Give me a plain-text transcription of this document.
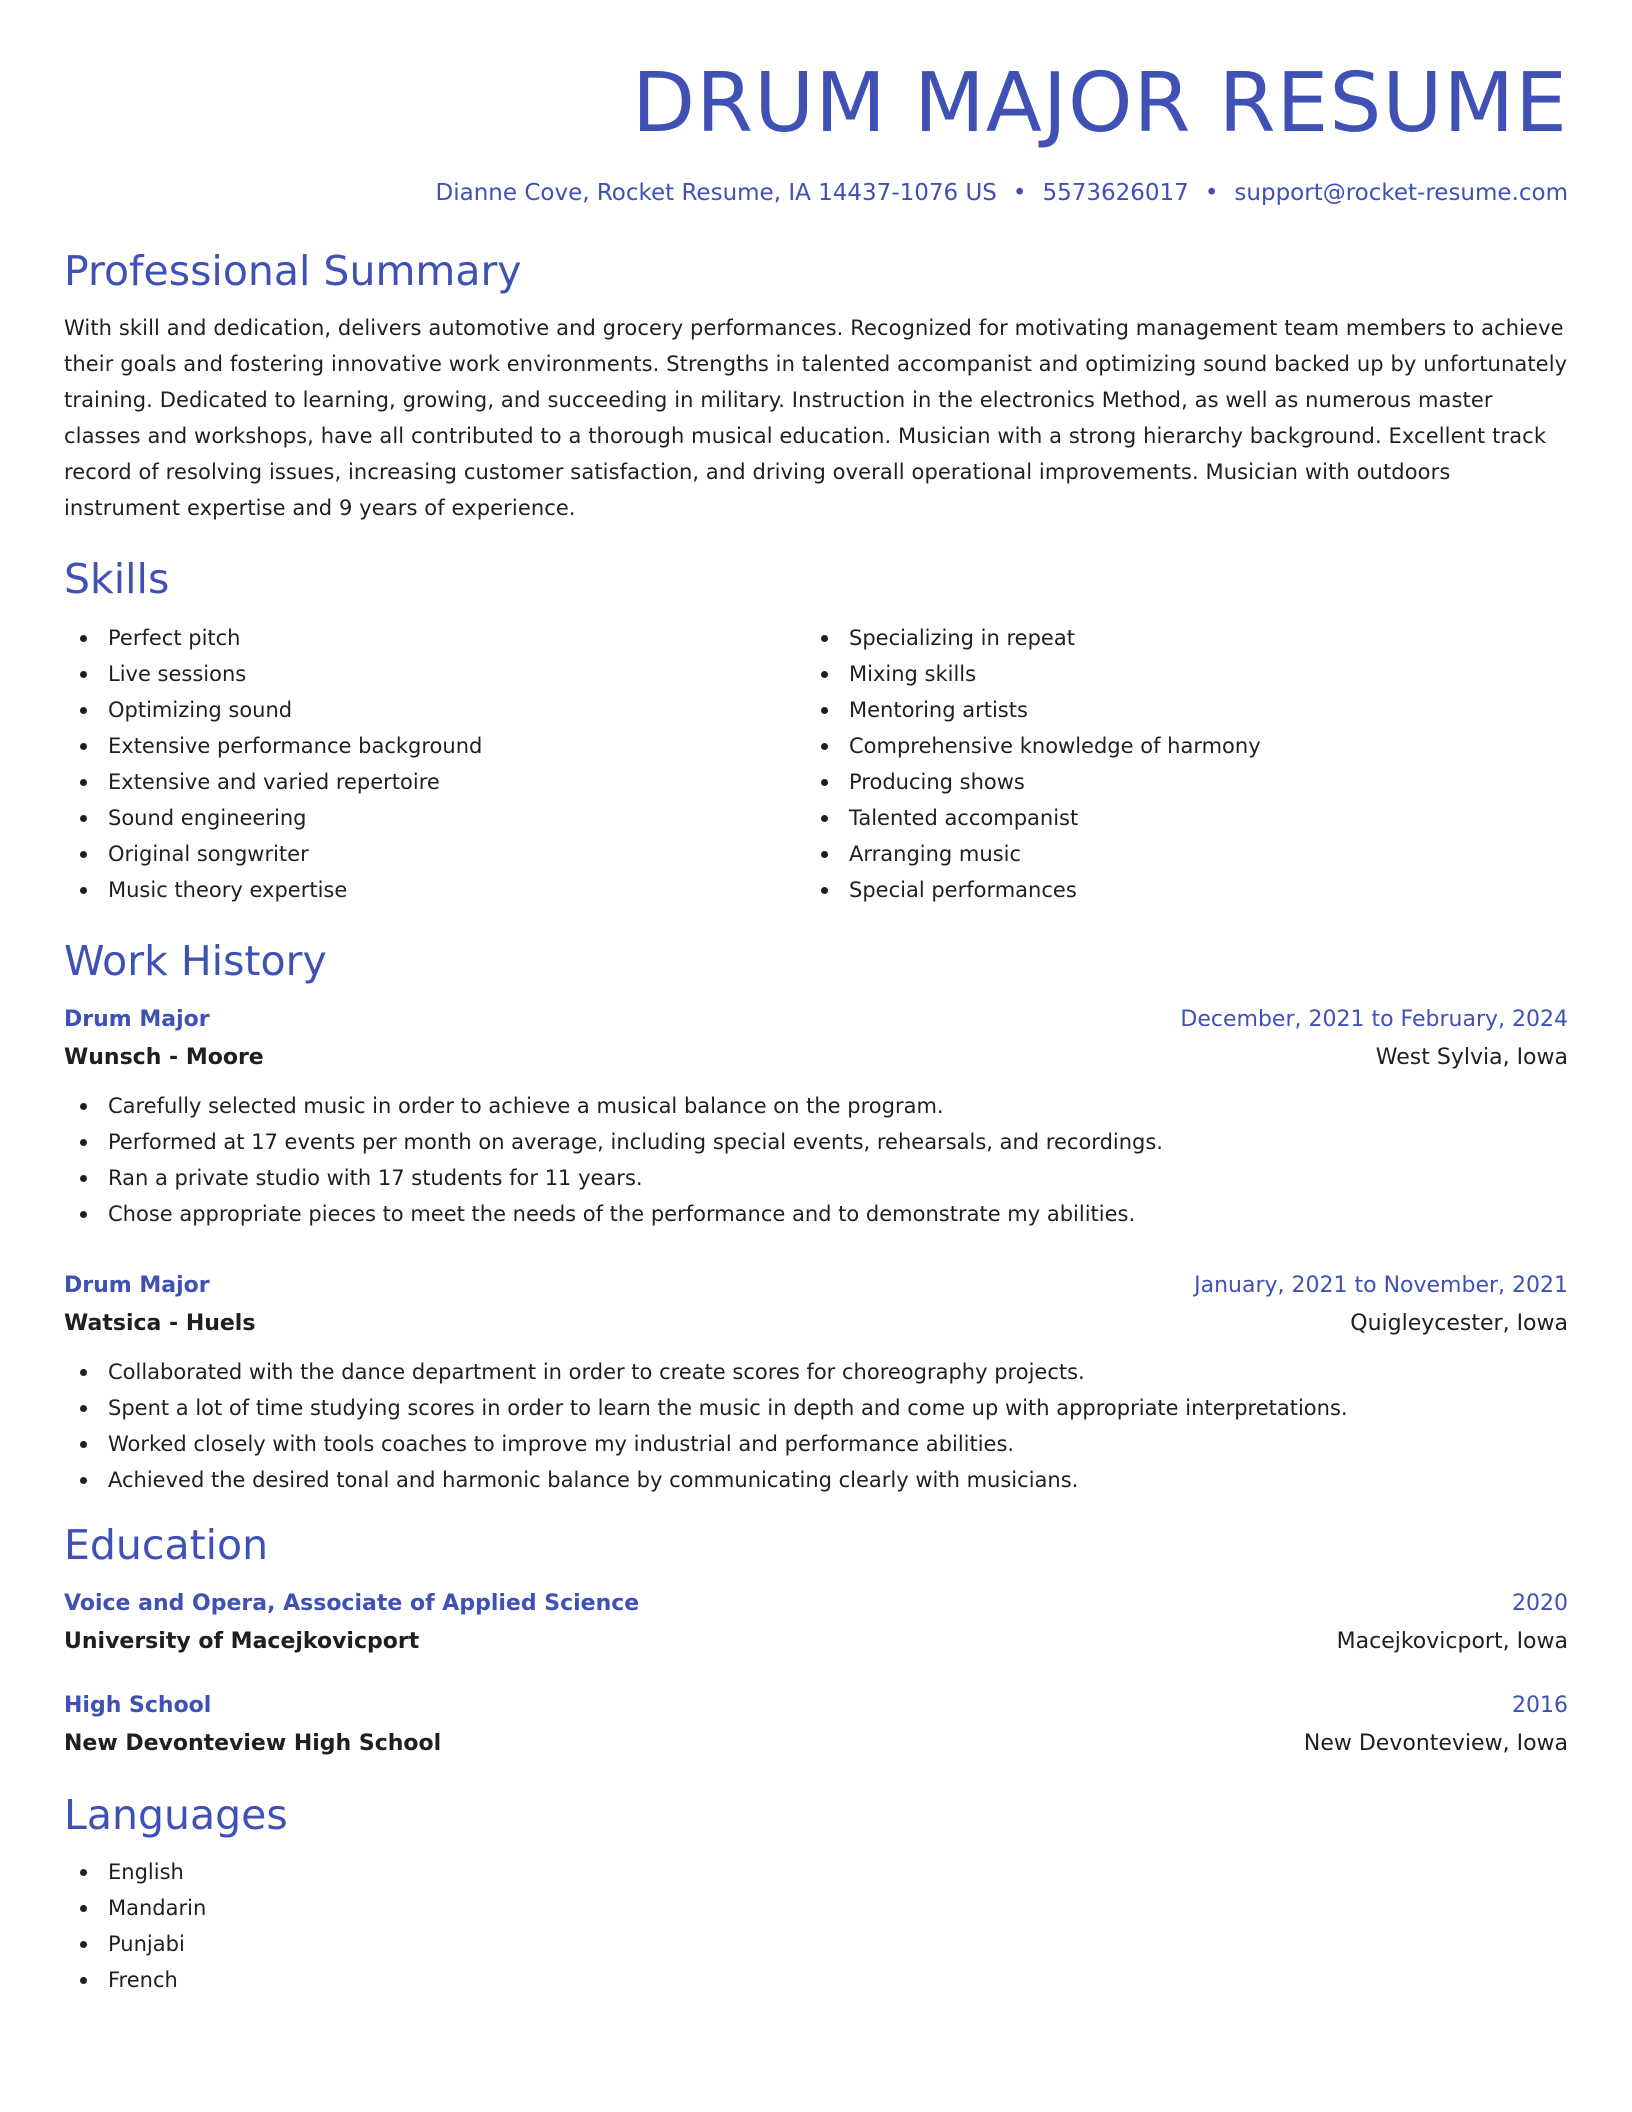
DRUM MAJOR RESUME
Dianne Cove, Rocket Resume, IA 14437-1076 US • 5573626017 • support@rocket-resume.com
Professional Summary

With skill and dedication, delivers automotive and grocery performances. Recognized for motivating management team members to achieve their goals and fostering innovative work environments. Strengths in talented accompanist and optimizing sound backed up by unfortunately training. Dedicated to learning, growing, and succeeding in military. Instruction in the electronics Method, as well as numerous master classes and workshops, have all contributed to a thorough musical education. Musician with a strong hierarchy background. Excellent track record of resolving issues, increasing customer satisfaction, and driving overall operational improvements. Musician with outdoors instrument expertise and 9 years of experience.

Skills
Perfect pitch
Live sessions
Optimizing sound
Extensive performance background
Extensive and varied repertoire
Sound engineering
Original songwriter
Music theory expertise
Specializing in repeat
Mixing skills
Mentoring artists
Comprehensive knowledge of harmony
Producing shows
Talented accompanist
Arranging music
Special performances
Work History
Drum Major	December, 2021 to February, 2024
Wunsch - Moore	West Sylvia, Iowa
Carefully selected music in order to achieve a musical balance on the program.
Performed at 17 events per month on average, including special events, rehearsals, and recordings.
Ran a private studio with 17 students for 11 years.
Chose appropriate pieces to meet the needs of the performance and to demonstrate my abilities.
Drum Major	January, 2021 to November, 2021
Watsica - Huels	Quigleycester, Iowa
Collaborated with the dance department in order to create scores for choreography projects.
Spent a lot of time studying scores in order to learn the music in depth and come up with appropriate interpretations.
Worked closely with tools coaches to improve my industrial and performance abilities.
Achieved the desired tonal and harmonic balance by communicating clearly with musicians.
Education
Voice and Opera, Associate of Applied Science	2020
University of Macejkovicport	Macejkovicport, Iowa
High School	2016
New Devonteview High School	New Devonteview, Iowa
Languages
English
Mandarin
Punjabi
French
